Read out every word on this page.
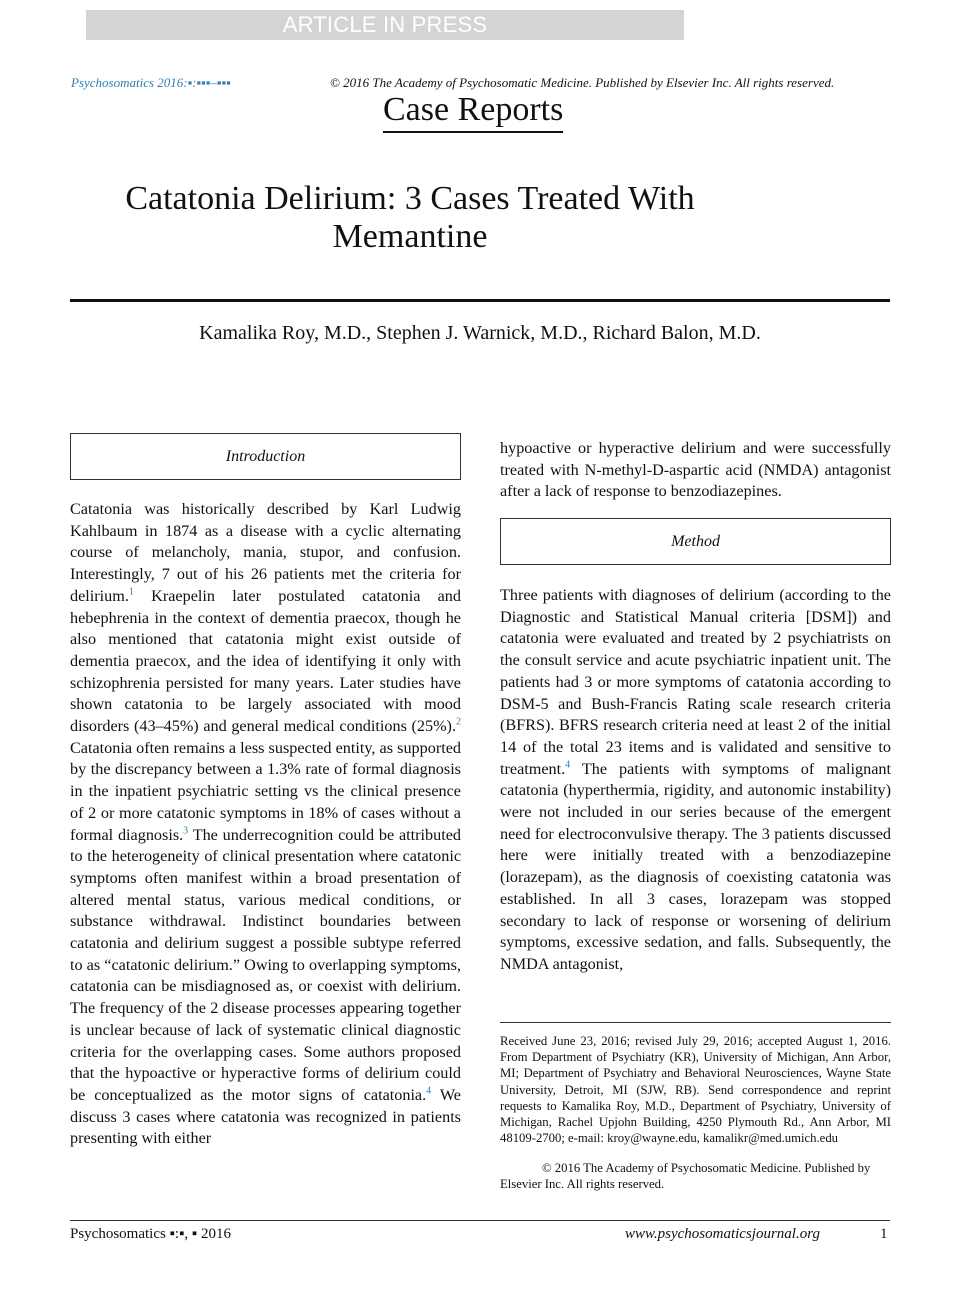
ARTICLE IN PRESS
Psychosomatics 2016:▪:▪▪▪–▪▪▪	© 2016 The Academy of Psychosomatic Medicine. Published by Elsevier Inc. All rights reserved.
Case Reports
Catatonia Delirium: 3 Cases Treated With Memantine
Kamalika Roy, M.D., Stephen J. Warnick, M.D., Richard Balon, M.D.
Introduction

Catatonia was historically described by Karl Ludwig Kahlbaum in 1874 as a disease with a cyclic alternating course of melancholy, mania, stupor, and confusion. Interestingly, 7 out of his 26 patients met the criteria for delirium.$^1$ Kraepelin later postulated catatonia and hebephrenia in the context of dementia praecox, though he also mentioned that catatonia might exist outside of dementia praecox, and the idea of identifying it only with schizophrenia persisted for many years. Later studies have shown catatonia to be largely associated with mood disorders (43–45%) and general medical conditions (25%).$^2$ Catatonia often remains a less suspected entity, as supported by the discrepancy between a 1.3% rate of formal diagnosis in the inpatient psychiatric setting vs the clinical presence of 2 or more catatonic symptoms in 18% of cases without a formal diagnosis.$^3$ The underrecognition could be attributed to the heterogeneity of clinical presentation where catatonic symptoms often manifest within a broad presentation of altered mental status, various medical conditions, or substance withdrawal. Indistinct boundaries between catatonia and delirium suggest a possible subtype referred to as “catatonic delirium.” Owing to overlapping symptoms, catatonia can be misdiagnosed as, or coexist with delirium. The frequency of the 2 disease processes appearing together is unclear because of lack of systematic clinical diagnostic criteria for the overlapping cases. Some authors proposed that the hypoactive or hyperactive forms of delirium could be conceptualized as the motor signs of catatonia.$^4$ We discuss 3 cases where catatonia was recognized in patients presenting with either

hypoactive or hyperactive delirium and were successfully treated with N-methyl-D-aspartic acid (NMDA) antagonist after a lack of response to benzodiazepines.

Method

Three patients with diagnoses of delirium (according to the Diagnostic and Statistical Manual criteria [DSM]) and catatonia were evaluated and treated by 2 psychiatrists on the consult service and acute psychiatric inpatient unit. The patients had 3 or more symptoms of catatonia according to DSM-5 and Bush-Francis Rating scale research criteria (BFRS). BFRS research criteria need at least 2 of the initial 14 of the total 23 items and is validated and sensitive to treatment.$^4$ The patients with symptoms of malignant catatonia (hyperthermia, rigidity, and autonomic instability) were not included in our series because of the emergent need for electroconvulsive therapy. The 3 patients discussed here were initially treated with a benzodiazepine (lorazepam), as the diagnosis of coexisting catatonia was established. In all 3 cases, lorazepam was stopped secondary to lack of response or worsening of delirium symptoms, excessive sedation, and falls. Subsequently, the NMDA antagonist,

Received June 23, 2016; revised July 29, 2016; accepted August 1, 2016. From Department of Psychiatry (KR), University of Michigan, Ann Arbor, MI; Department of Psychiatry and Behavioral Neurosciences, Wayne State University, Detroit, MI (SJW, RB). Send correspondence and reprint requests to Kamalika Roy, M.D., Department of Psychiatry, University of Michigan, Rachel Upjohn Building, 4250 Plymouth Rd., Ann Arbor, MI 48109-2700; e-mail: kroy@wayne.edu, kamalikr@med.umich.edu

© 2016 The Academy of Psychosomatic Medicine. Published by Elsevier Inc. All rights reserved.

Psychosomatics ▪:▪, ▪ 2016	www.psychosomaticsjournal.org	1
